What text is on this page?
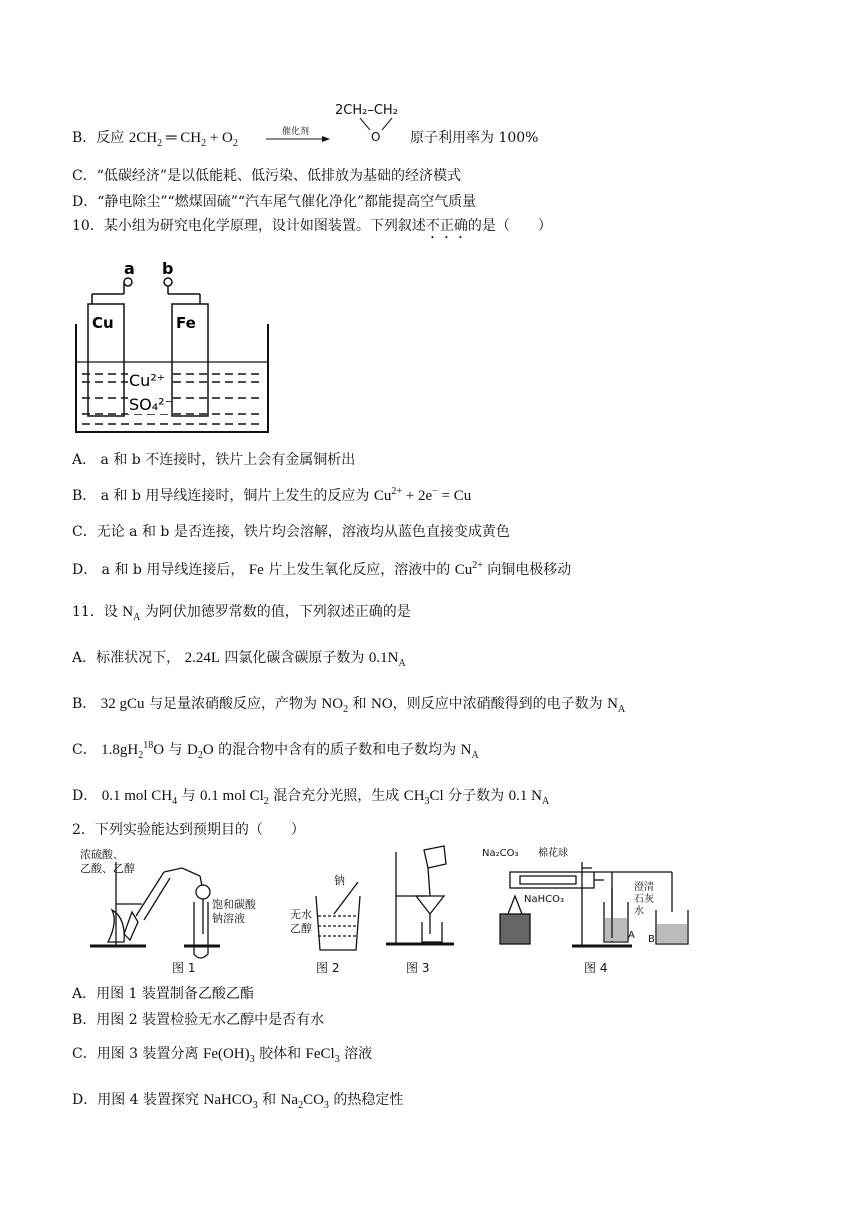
B．反应 $2CH_2$ ═ $CH_2 + O_2$
催化剂
2CH₂–CH₂
O 原子利用率为 100%
C．“低碳经济”是以低能耗、低污染、低排放为基础的经济模式
D．“静电除尘”“燃煤固硫”“汽车尾气催化净化”都能提高空气质量
10．某小组为研究电化学原理，设计如图装置。下列叙述不正确的是（　　）
a b
Cu	Fe
Cu²⁺
SO₄²⁻
A． a 和 b 不连接时，铁片上会有金属铜析出
B． a 和 b 用导线连接时，铜片上发生的反应为 $Cu^{2+} + 2e^- = Cu$
C．无论 a 和 b 是否连接，铁片均会溶解，溶液均从蓝色直接变成黄色
D． a 和 b 用导线连接后， Fe 片上发生氧化反应，溶液中的 $Cu^{2+}$ 向铜电极移动
11．设 $N_A$ 为阿伏加德罗常数的值，下列叙述正确的是
A．标准状况下， 2.24L 四氯化碳含碳原子数为 $0.1N_A$
B． 32 gCu 与足量浓硝酸反应，产物为 $NO_2$ 和 NO，则反应中浓硝酸得到的电子数为 $N_A$
C． $1.8gH_2^{18}O$ 与 $D_2O$ 的混合物中含有的质子数和电子数均为 $N_A$
D． 0.1 mol $CH_4$ 与 0.1 mol $Cl_2$ 混合充分光照，生成 $CH_3Cl$ 分子数为 0.1 $N_A$
2．下列实验能达到预期目的（　　）
浓硫酸、
乙酸、乙醇
饱和碳酸
钠溶液
图 1
钠
无水
乙醇
图 2	图 3
Na₂CO₃ 棉花球
NaHCO₃
澄清
石灰
水
A B
图 4
A．用图 1 装置制备乙酸乙酯
B．用图 2 装置检验无水乙醇中是否有水
C．用图 3 装置分离 $Fe(OH)_3$ 胶体和 FeCl$_3$ 溶液
D．用图 4 装置探究 NaHCO$_3$ 和 $Na_2CO_3$ 的热稳定性
